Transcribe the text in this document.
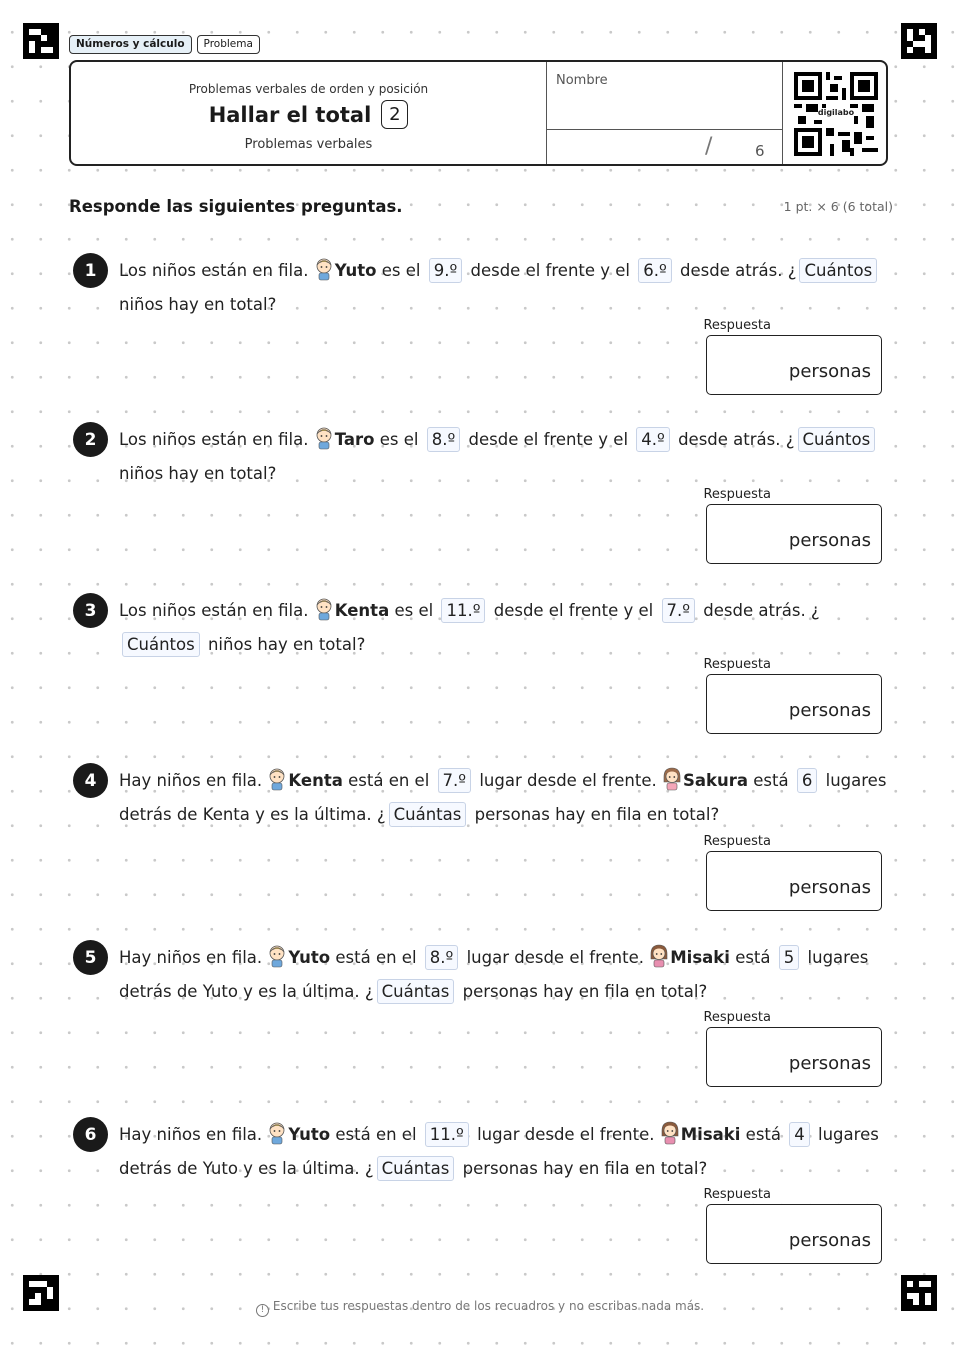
Números y cálculo	Problema
Problemas verbales de orden y posición
Hallar el total 2
Problemas verbales
Nombre
/	6
digilabo
Responde las siguientes preguntas.	1 pt. × 6 (6 total)
1	Los niños están en fila. Yuto es el 9.º desde el frente y el 6.º desde atrás. ¿ Cuántos niños hay en total?
Respuesta
personas
2	Los niños están en fila. Taro es el 8.º desde el frente y el 4.º desde atrás. ¿ Cuántos niños hay en total?
Respuesta
personas
3	Los niños están en fila. Kenta es el 11.º desde el frente y el 7.º desde atrás. ¿Cuántos niños hay en total?
Respuesta
personas
4	Hay niños en fila. Kenta está en el 7.º lugar desde el frente. Sakura está 6 lugares detrás de Kenta y es la última. ¿ Cuántas personas hay en fila en total?
Respuesta
personas
5	Hay niños en fila. Yuto está en el 8.º lugar desde el frente. Misaki está 5 lugares detrás de Yuto y es la última. ¿ Cuántas personas hay en fila en total?
Respuesta
personas
6	Hay niños en fila. Yuto está en el 11.º lugar desde el frente. Misaki está 4 lugares detrás de Yuto y es la última. ¿ Cuántas personas hay en fila en total?
Respuesta
personas
! Escribe tus respuestas dentro de los recuadros y no escribas nada más.
